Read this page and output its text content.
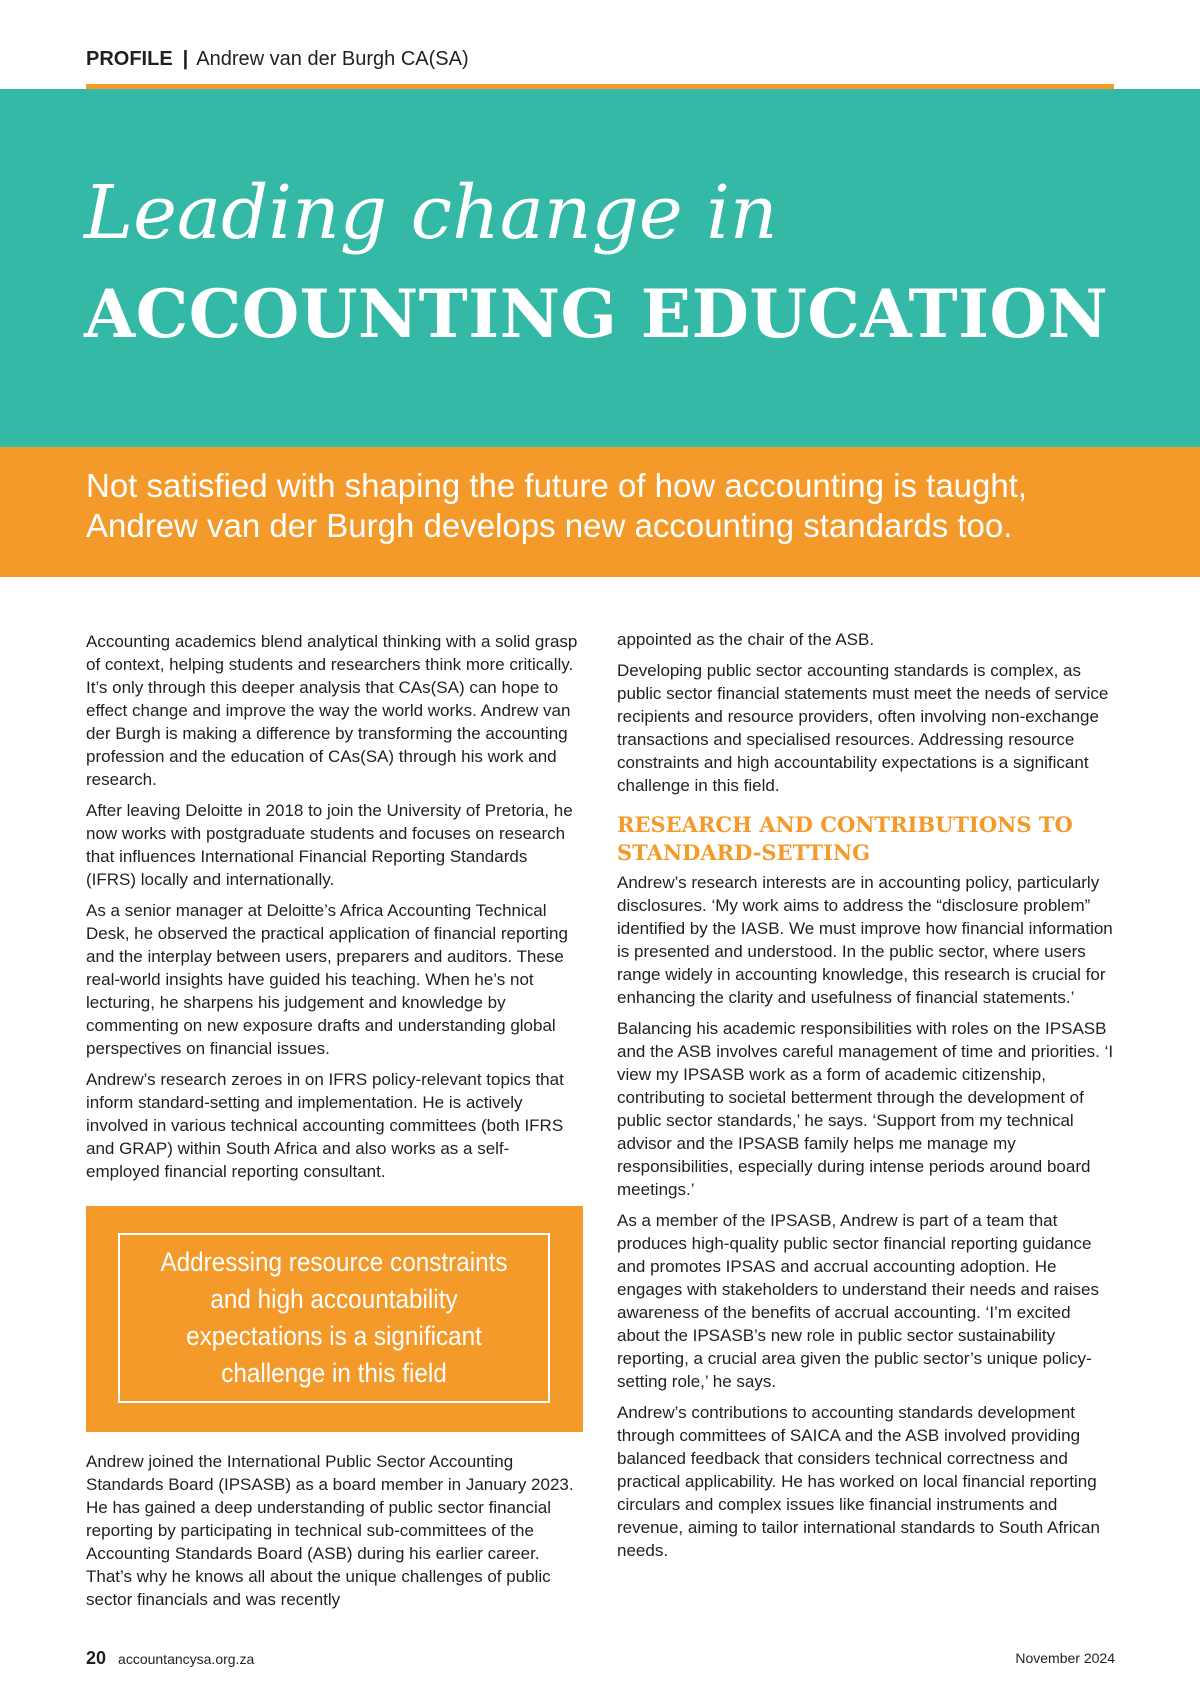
PROFILE | Andrew van der Burgh CA(SA)
Leading change in
ACCOUNTING EDUCATION
Not satisfied with shaping the future of how accounting is taught,
Andrew van der Burgh develops new accounting standards too.

Accounting academics blend analytical thinking with a solid grasp of context, helping students and researchers think more critically. It’s only through this deeper analysis that CAs(SA) can hope to effect change and improve the way the world works. Andrew van der Burgh is making a difference by transforming the accounting profession and the education of CAs(SA) through his work and research.

After leaving Deloitte in 2018 to join the University of Pretoria, he now works with postgraduate students and focuses on research that influences International Financial Reporting Standards (IFRS) locally and internationally.

As a senior manager at Deloitte’s Africa Accounting Technical Desk, he observed the practical application of financial reporting and the interplay between users, preparers and auditors. These real-world insights have guided his teaching. When he’s not lecturing, he sharpens his judgement and knowledge by commenting on new exposure drafts and understanding global perspectives on financial issues.

Andrew’s research zeroes in on IFRS policy-relevant topics that inform standard-setting and implementation. He is actively involved in various technical accounting committees (both IFRS and GRAP) within South Africa and also works as a self-employed financial reporting consultant.

Addressing resource constraints and high accountability expectations is a significant challenge in this field

Andrew joined the International Public Sector Accounting Standards Board (IPSASB) as a board member in January 2023. He has gained a deep understanding of public sector financial reporting by participating in technical sub-committees of the Accounting Standards Board (ASB) during his earlier career. That’s why he knows all about the unique challenges of public sector financials and was recently

appointed as the chair of the ASB.

Developing public sector accounting standards is complex, as public sector financial statements must meet the needs of service recipients and resource providers, often involving non-exchange transactions and specialised resources. Addressing resource constraints and high accountability expectations is a significant challenge in this field.

RESEARCH AND CONTRIBUTIONS TO STANDARD-SETTING

Andrew’s research interests are in accounting policy, particularly disclosures. ‘My work aims to address the “disclosure problem” identified by the IASB. We must improve how financial information is presented and understood. In the public sector, where users range widely in accounting knowledge, this research is crucial for enhancing the clarity and usefulness of financial statements.’

Balancing his academic responsibilities with roles on the IPSASB and the ASB involves careful management of time and priorities. ‘I view my IPSASB work as a form of academic citizenship, contributing to societal betterment through the development of public sector standards,’ he says. ‘Support from my technical advisor and the IPSASB family helps me manage my responsibilities, especially during intense periods around board meetings.’

As a member of the IPSASB, Andrew is part of a team that produces high-quality public sector financial reporting guidance and promotes IPSAS and accrual accounting adoption. He engages with stakeholders to understand their needs and raises awareness of the benefits of accrual accounting. ‘I’m excited about the IPSASB’s new role in public sector sustainability reporting, a crucial area given the public sector’s unique policy-setting role,’ he says.

Andrew’s contributions to accounting standards development through committees of SAICA and the ASB involved providing balanced feedback that considers technical correctness and practical applicability. He has worked on local financial reporting circulars and complex issues like financial instruments and revenue, aiming to tailor international standards to South African needs.

20 accountancysa.org.za	November 2024
